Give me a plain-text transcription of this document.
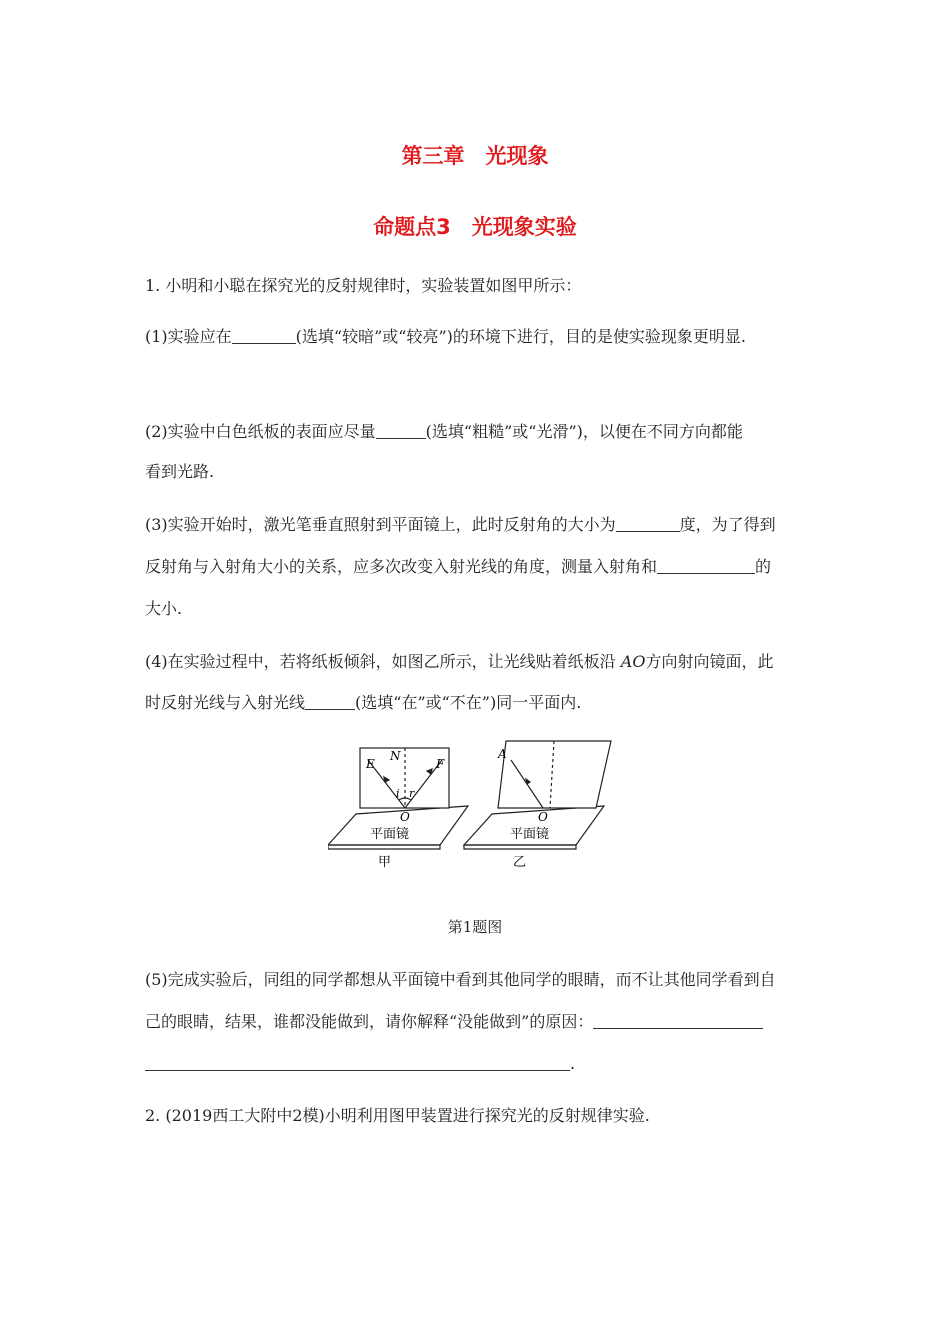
第三章　光现象
命题点3　光现象实验
1. 小明和小聪在探究光的反射规律时，实验装置如图甲所示：
(1)实验应在	(选填“较暗”或“较亮”)的环境下进行，目的是使实验现象更明显.
(2)实验中白色纸板的表面应尽量	(选填“粗糙”或“光滑”)，以便在不同方向都能
看到光路.
(3)实验开始时，激光笔垂直照射到平面镜上，此时反射角的大小为	度，为了得到
反射角与入射角大小的关系，应多次改变入射光线的角度，测量入射角和	的
大小.
(4)在实验过程中，若将纸板倾斜，如图乙所示，让光线贴着纸板沿 AO方向射向镜面，此
时反射光线与入射光线	(选填“在”或“不在”)同一平面内.
E
N
F
i r
O
平面镜
甲
A
O
平面镜
乙
第1题图
(5)完成实验后，同组的同学都想从平面镜中看到其他同学的眼睛，而不让其他同学看到自
己的眼睛，结果，谁都没能做到，请你解释“没能做到”的原因：
.
2. (2019西工大附中2模)小明利用图甲装置进行探究光的反射规律实验.
